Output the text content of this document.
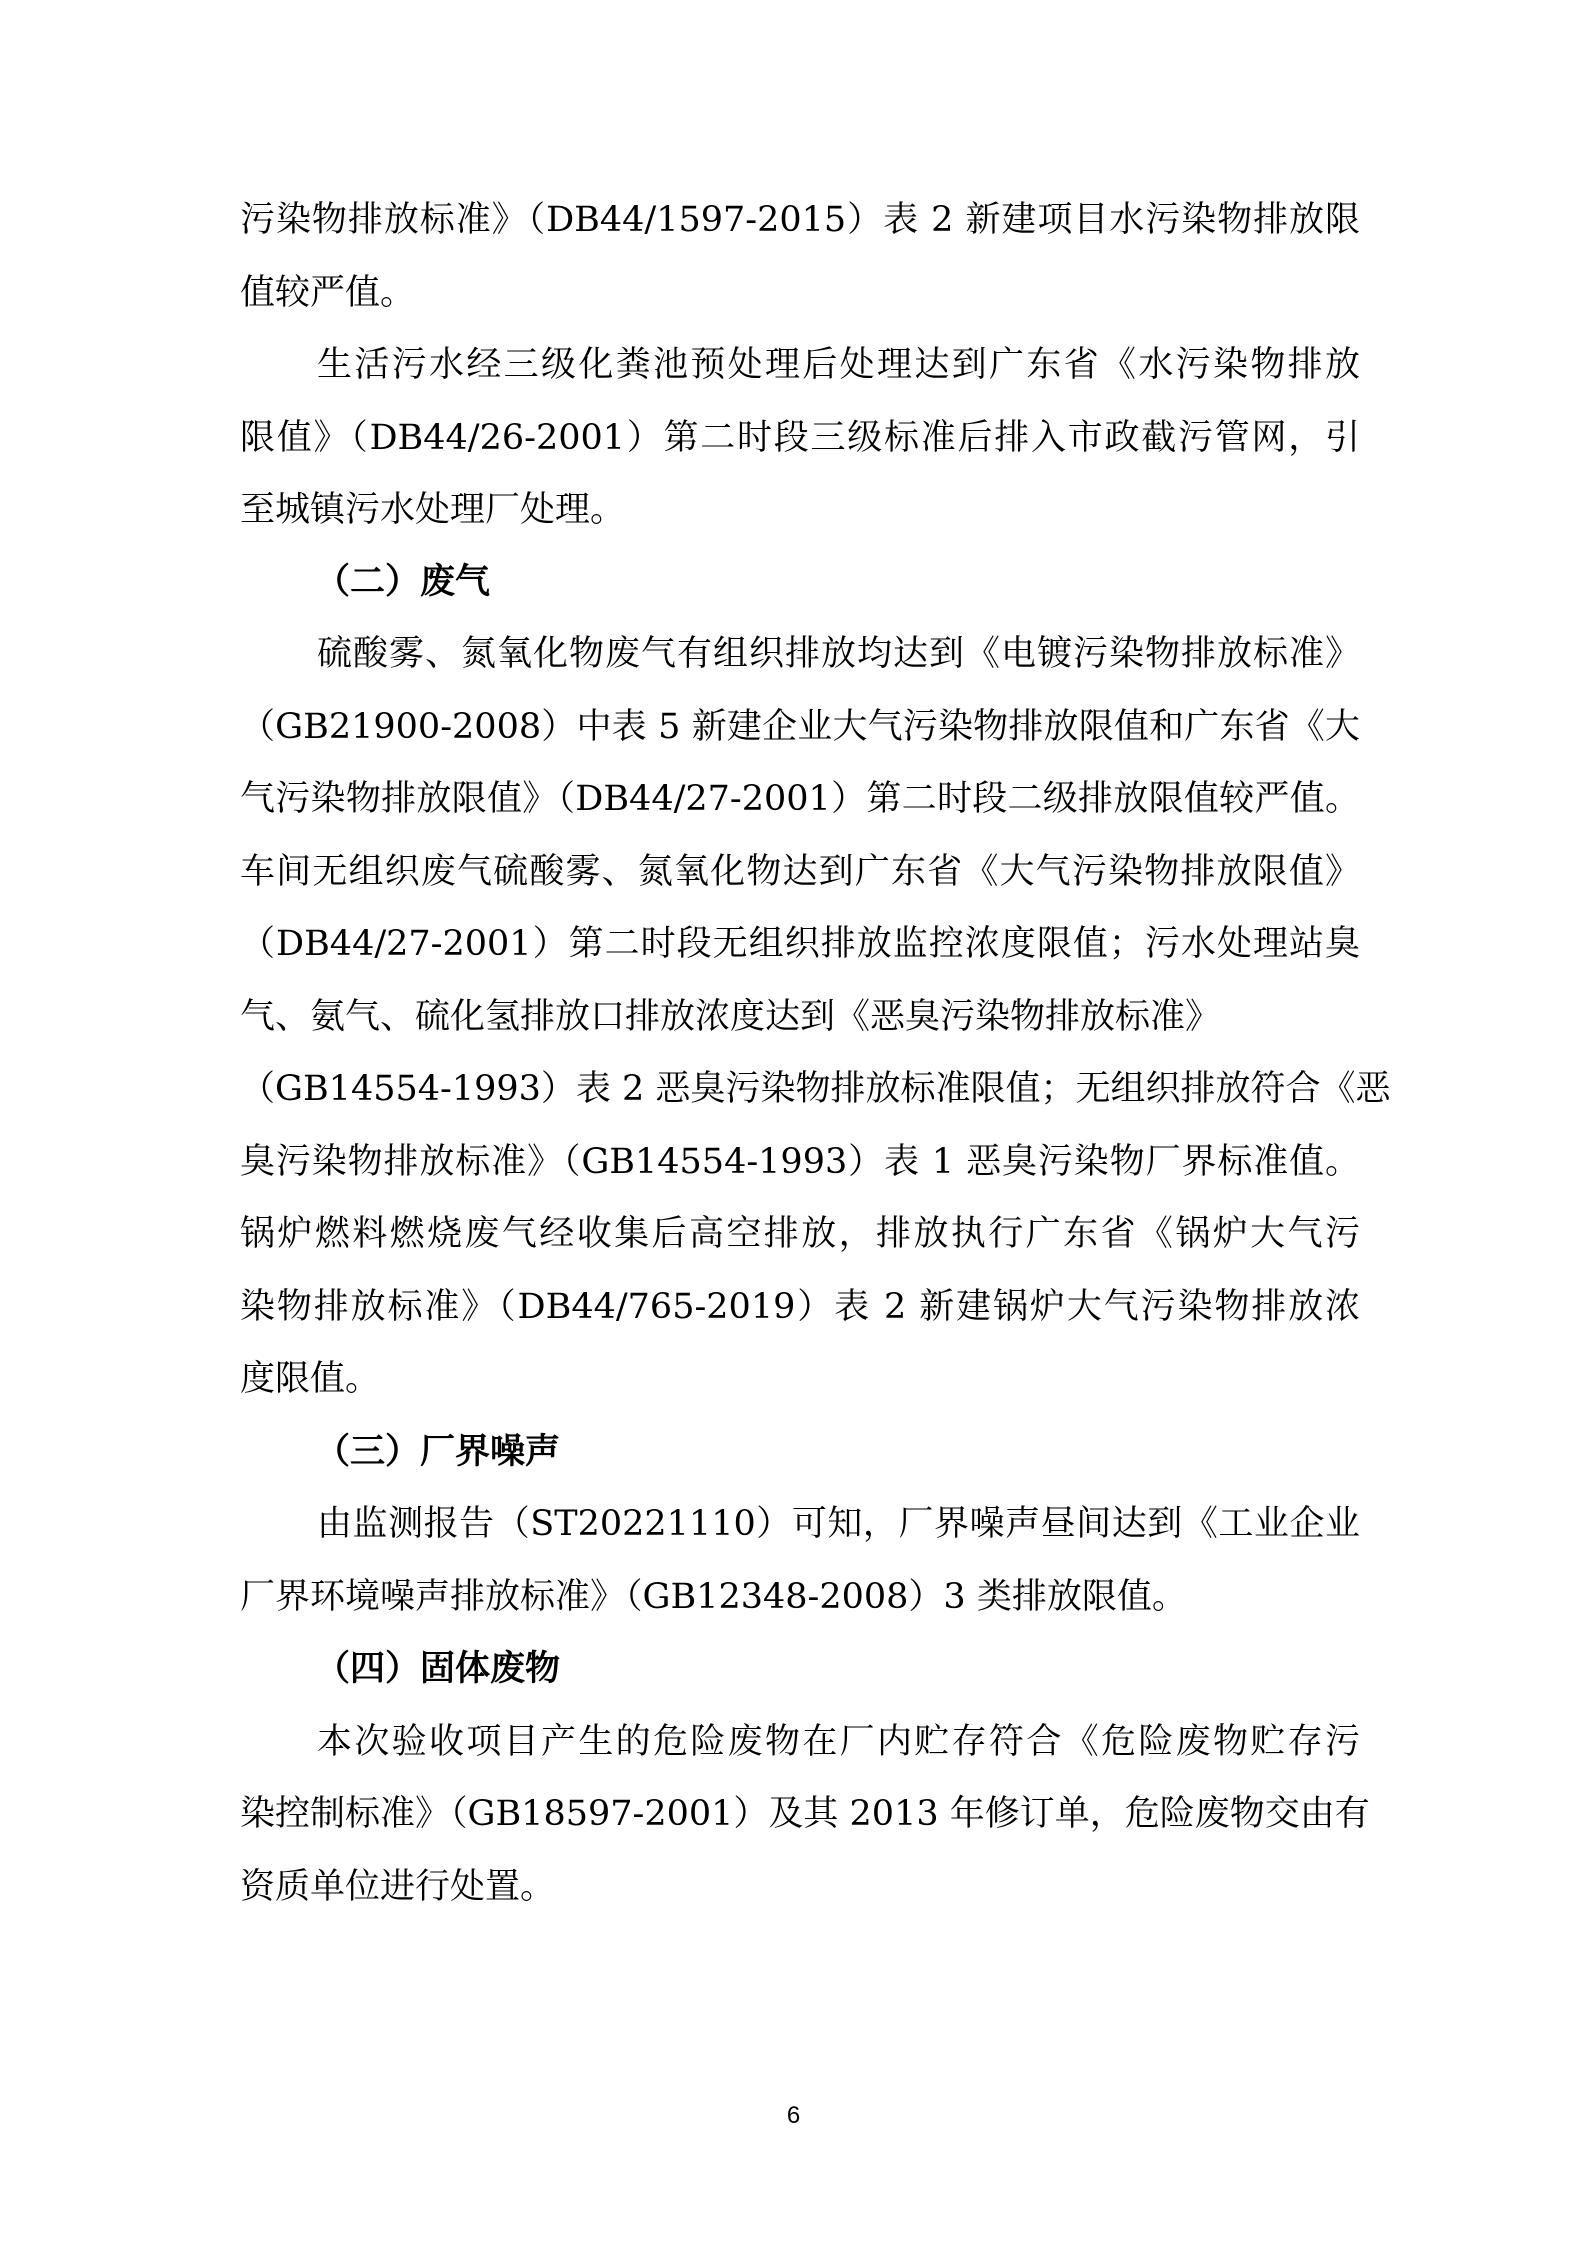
污染物排放标准》（DB44/1597-2015）表 2 新建项目水污染物排放限
值较严值。
生活污水经三级化粪池预处理后处理达到广东省《水污染物排放
限值》（DB44/26-2001）第二时段三级标准后排入市政截污管网，引
至城镇污水处理厂处理。
（二）废气
硫酸雾、氮氧化物废气有组织排放均达到《电镀污染物排放标准》
（GB21900-2008）中表 5 新建企业大气污染物排放限值和广东省《大
气污染物排放限值》（DB44/27-2001）第二时段二级排放限值较严值。
车间无组织废气硫酸雾、氮氧化物达到广东省《大气污染物排放限值》
（DB44/27-2001）第二时段无组织排放监控浓度限值；污水处理站臭
气、氨气、硫化氢排放口排放浓度达到《恶臭污染物排放标准》
（GB14554-1993）表 2 恶臭污染物排放标准限值；无组织排放符合《恶
臭污染物排放标准》（GB14554-1993）表 1 恶臭污染物厂界标准值。
锅炉燃料燃烧废气经收集后高空排放，排放执行广东省《锅炉大气污
染物排放标准》（DB44/765-2019）表 2 新建锅炉大气污染物排放浓
度限值。
（三）厂界噪声
由监测报告（ST20221110）可知，厂界噪声昼间达到《工业企业
厂界环境噪声排放标准》（GB12348-2008）3 类排放限值。
（四）固体废物
本次验收项目产生的危险废物在厂内贮存符合《危险废物贮存污
染控制标准》（GB18597-2001）及其 2013 年修订单，危险废物交由有
资质单位进行处置。
6
